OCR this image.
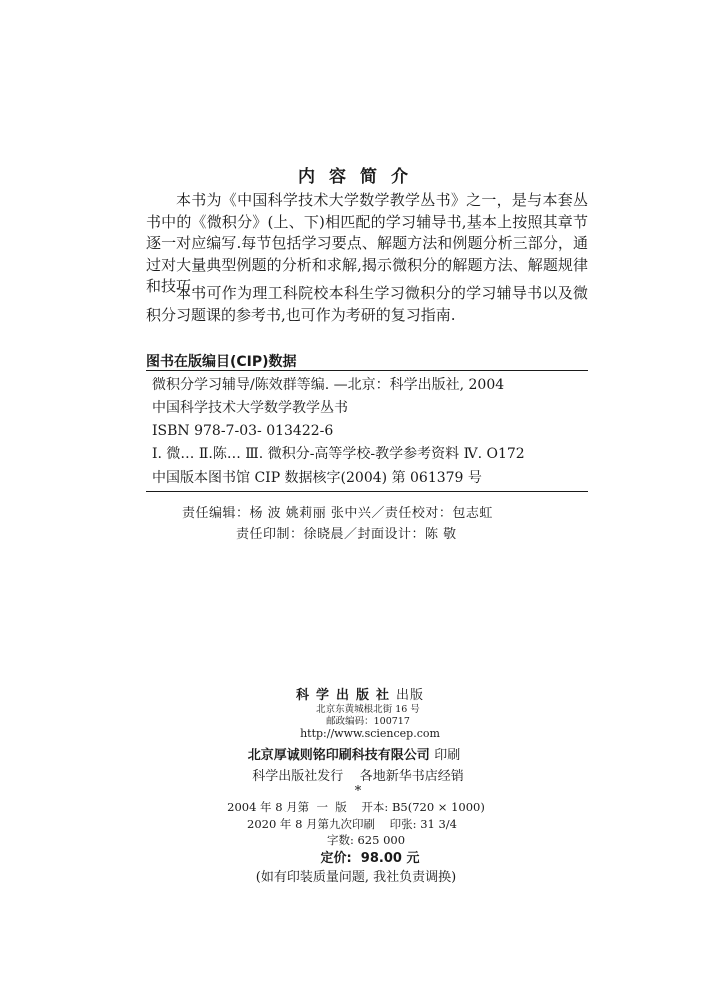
内容简介
本书为《中国科学技术大学数学教学丛书》之一，是与本套丛书中的《微积分》(上、下)相匹配的学习辅导书,基本上按照其章节逐一对应编写.每节包括学习要点、解题方法和例题分析三部分，通过对大量典型例题的分析和求解,揭示微积分的解题方法、解题规律和技巧.
本书可作为理工科院校本科生学习微积分的学习辅导书以及微积分习题课的参考书,也可作为考研的复习指南.
图书在版编目(CIP)数据
微积分学习辅导/陈效群等编. —北京：科学出版社, 2004
中国科学技术大学数学教学丛书
ISBN 978-7-03- 013422-6
Ⅰ. 微… Ⅱ.陈… Ⅲ. 微积分-高等学校-教学参考资料 Ⅳ. O172
中国版本图书馆 CIP 数据核字(2004) 第 061379 号
责任编辑：杨 波 姚莉丽 张中兴／责任校对：包志虹
责任印制：徐晓晨／封面设计：陈 敬
科学出版社出版
北京东黄城根北街 16 号
邮政编码：100717
http://www.sciencep.com
北京厚诚则铭印刷科技有限公司 印刷
科学出版社发行    各地新华书店经销
*
2004 年 8 月第  一  版    开本: B5(720 × 1000)
2020 年 8 月第九次印刷    印张: 31 3/4
字数: 625 000
定价:  98.00 元
(如有印装质量问题, 我社负责调换)
